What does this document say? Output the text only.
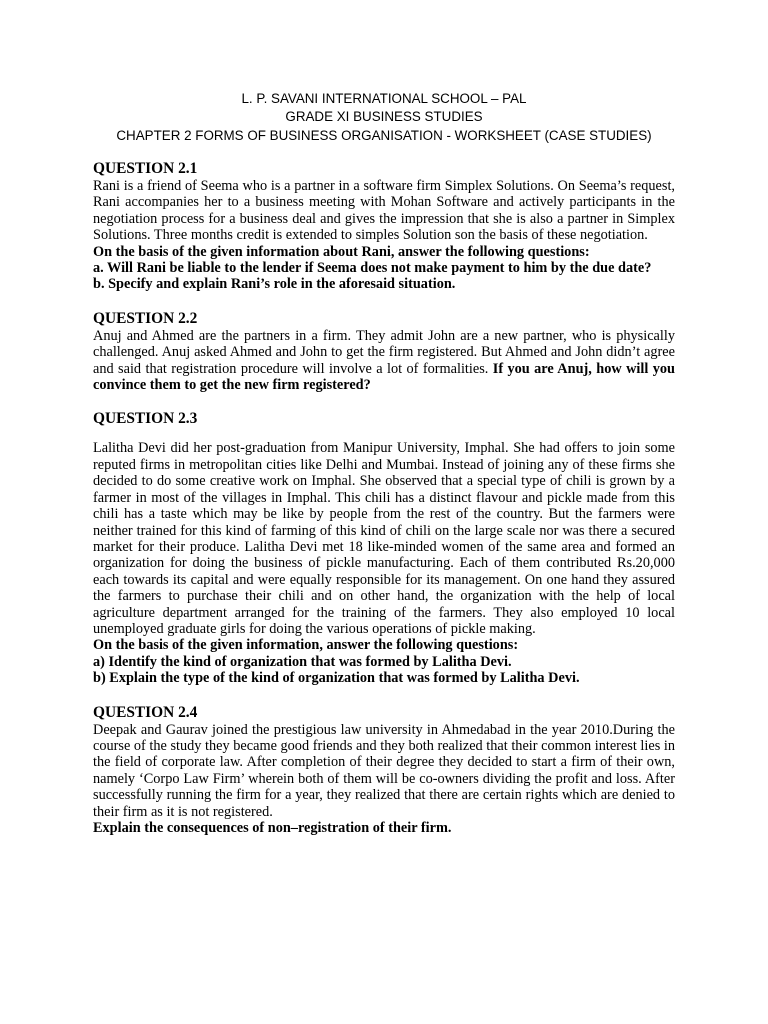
L. P. SAVANI INTERNATIONAL SCHOOL – PAL
GRADE XI BUSINESS STUDIES
CHAPTER 2 FORMS OF BUSINESS ORGANISATION - WORKSHEET (CASE STUDIES)

QUESTION 2.1

Rani is a friend of Seema who is a partner in a software firm Simplex Solutions. On Seema’s request, Rani accompanies her to a business meeting with Mohan Software and actively participants in the negotiation process for a business deal and gives the impression that she is also a partner in Simplex Solutions. Three months credit is extended to simples Solution son the basis of these negotiation.

On the basis of the given information about Rani, answer the following questions:

a. Will Rani be liable to the lender if Seema does not make payment to him by the due date?

b. Specify and explain Rani’s role in the aforesaid situation.

QUESTION 2.2

Anuj and Ahmed are the partners in a firm. They admit John are a new partner, who is physically challenged. Anuj asked Ahmed and John to get the firm registered. But Ahmed and John didn’t agree and said that registration procedure will involve a lot of formalities. If you are Anuj, how will you convince them to get the new firm registered?

QUESTION 2.3

Lalitha Devi did her post-graduation from Manipur University, Imphal. She had offers to join some reputed firms in metropolitan cities like Delhi and Mumbai. Instead of joining any of these firms she decided to do some creative work on Imphal. She observed that a special type of chili is grown by a farmer in most of the villages in Imphal. This chili has a distinct flavour and pickle made from this chili has a taste which may be like by people from the rest of the country. But the farmers were neither trained for this kind of farming of this kind of chili on the large scale nor was there a secured market for their produce. Lalitha Devi met 18 like-minded women of the same area and formed an organization for doing the business of pickle manufacturing. Each of them contributed Rs.20,000 each towards its capital and were equally responsible for its management. On one hand they assured the farmers to purchase their chili and on other hand, the organization with the help of local agriculture department arranged for the training of the farmers. They also employed 10 local unemployed graduate girls for doing the various operations of pickle making.

On the basis of the given information, answer the following questions:

a) Identify the kind of organization that was formed by Lalitha Devi.

b) Explain the type of the kind of organization that was formed by Lalitha Devi.

QUESTION 2.4

Deepak and Gaurav joined the prestigious law university in Ahmedabad in the year 2010.During the course of the study they became good friends and they both realized that their common interest lies in the field of corporate law. After completion of their degree they decided to start a firm of their own, namely ‘Corpo Law Firm’ wherein both of them will be co-owners dividing the profit and loss. After successfully running the firm for a year, they realized that there are certain rights which are denied to their firm as it is not registered.

Explain the consequences of non–registration of their firm.
